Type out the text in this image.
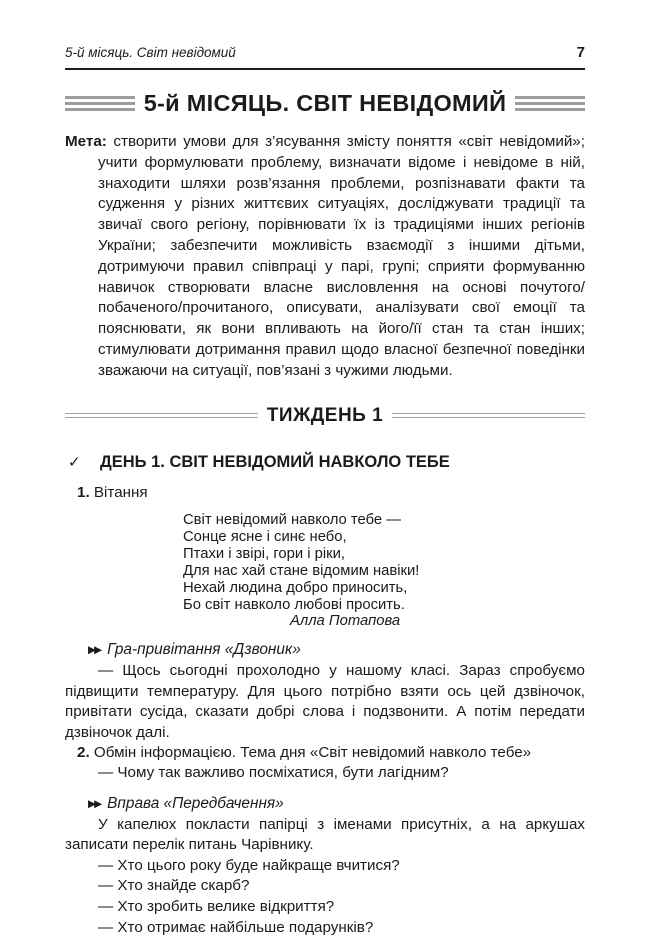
5-й місяць. Світ невідомий	7
5-й МІСЯЦЬ. СВІТ НЕВІДОМИЙ

Мета: створити умови для з’ясування змісту поняття «світ невідомий»; учити формулювати проблему, визначати відоме і невідоме в ній, знаходити шляхи розв’язання проблеми, розпізнавати факти та судження у різних життєвих ситуаціях, досліджувати традиції та звичаї свого регіону, порівнювати їх із традиціями інших регіонів України; забезпечити можливість взаємодії з іншими дітьми, дотримуючи правил співпраці у парі, групі; сприяти формуванню навичок створювати власне висловлення на основі почутого/побаченого/прочитаного, описувати, аналізувати свої емоції та пояснювати, як вони впливають на його/її стан та стан інших; стимулювати дотримання правил щодо власної безпечної поведінки зважаючи на ситуації, пов’язані з чужими людьми.

ТИЖДЕНЬ 1
✓	ДЕНЬ 1. СВІТ НЕВІДОМИЙ НАВКОЛО ТЕБЕ
1. Вітання
Світ невідомий навколо тебе —
Сонце ясне і синє небо,
Птахи і звірі, гори і ріки,
Для нас хай стане відомим навіки!
Нехай людина добро приносить,
Бо світ навколо любові просить.
Алла Потапова
▶▶ Гра-привітання «Дзвоник»

— Щось сьогодні прохолодно у нашому класі. Зараз спробуємо підвищити температуру. Для цього потрібно взяти ось цей дзвіночок, привітати сусіда, сказати добрі слова і подзвонити. А потім передати дзвіночок далі.

2. Обмін інформацією. Тема дня «Світ невідомий навколо тебе»
— Чому так важливо посміхатися, бути лагідним?
▶▶ Вправа «Передбачення»

У капелюх покласти папірці з іменами присутніх, а на аркушах записати перелік питань Чарівнику.

— Хто цього року буде найкраще вчитися?
— Хто знайде скарб?
— Хто зробить велике відкриття?
— Хто отримає найбільше подарунків?
